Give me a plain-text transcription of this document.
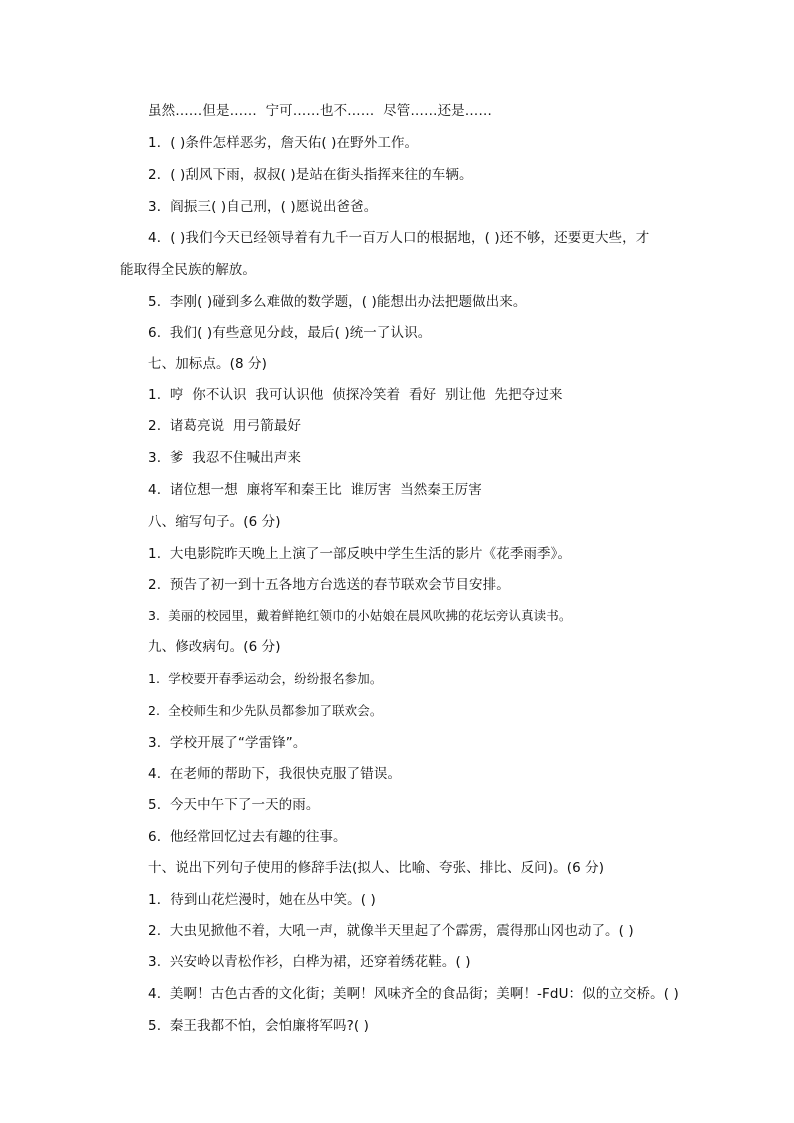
虽然……但是……  宁可……也不……  尽管……还是……
1．( )条件怎样恶劣，詹天佑( )在野外工作。
2．( )刮风下雨，叔叔( )是站在街头指挥来往的车辆。
3．阎振三( )自己刑，( )愿说出爸爸。
4．( )我们今天已经领导着有九千一百万人口的根据地，( )还不够，还要更大些，才
能取得全民族的解放。
5.  李刚( )碰到多么难做的数学题，( )能想出办法把题做出来。
6.  我们( )有些意见分歧，最后( )统一了认识。
七、加标点。(8 分)
1.  哼  你不认识  我可认识他  侦探冷笑着  看好  别让他  先把夺过来
2.  诸葛亮说  用弓箭最好
3.  爹  我忍不住喊出声来
4.  诸位想一想  廉将军和秦王比  谁厉害  当然秦王厉害
八、缩写句子。(6 分)
1.  大电影院昨天晚上上演了一部反映中学生生活的影片《花季雨季》。
2.  预告了初一到十五各地方台选送的春节联欢会节目安排。
3.  美丽的校园里，戴着鲜艳红领巾的小姑娘在晨风吹拂的花坛旁认真读书。
九、修改病句。(6 分)
1.  学校要开春季运动会，纷纷报名参加。
2.  全校师生和少先队员都参加了联欢会。
3.  学校开展了“学雷锋”。
4.  在老师的帮助下，我很快克服了错误。
5.  今天中午下了一天的雨。
6.  他经常回忆过去有趣的往事。
十、说出下列句子使用的修辞手法(拟人、比喻、夸张、排比、反问)。(6 分)
1．待到山花烂漫时，她在丛中笑。( )
2.  大虫见掀他不着，大吼一声，就像半天里起了个霹雳，震得那山冈也动了。( )
3.  兴安岭以青松作衫，白桦为裙，还穿着绣花鞋。( )
4.  美啊！古色古香的文化街；美啊！风味齐全的食品街；美啊！-FdU：似的立交桥。( )
5.  秦王我都不怕，会怕廉将军吗?( )
